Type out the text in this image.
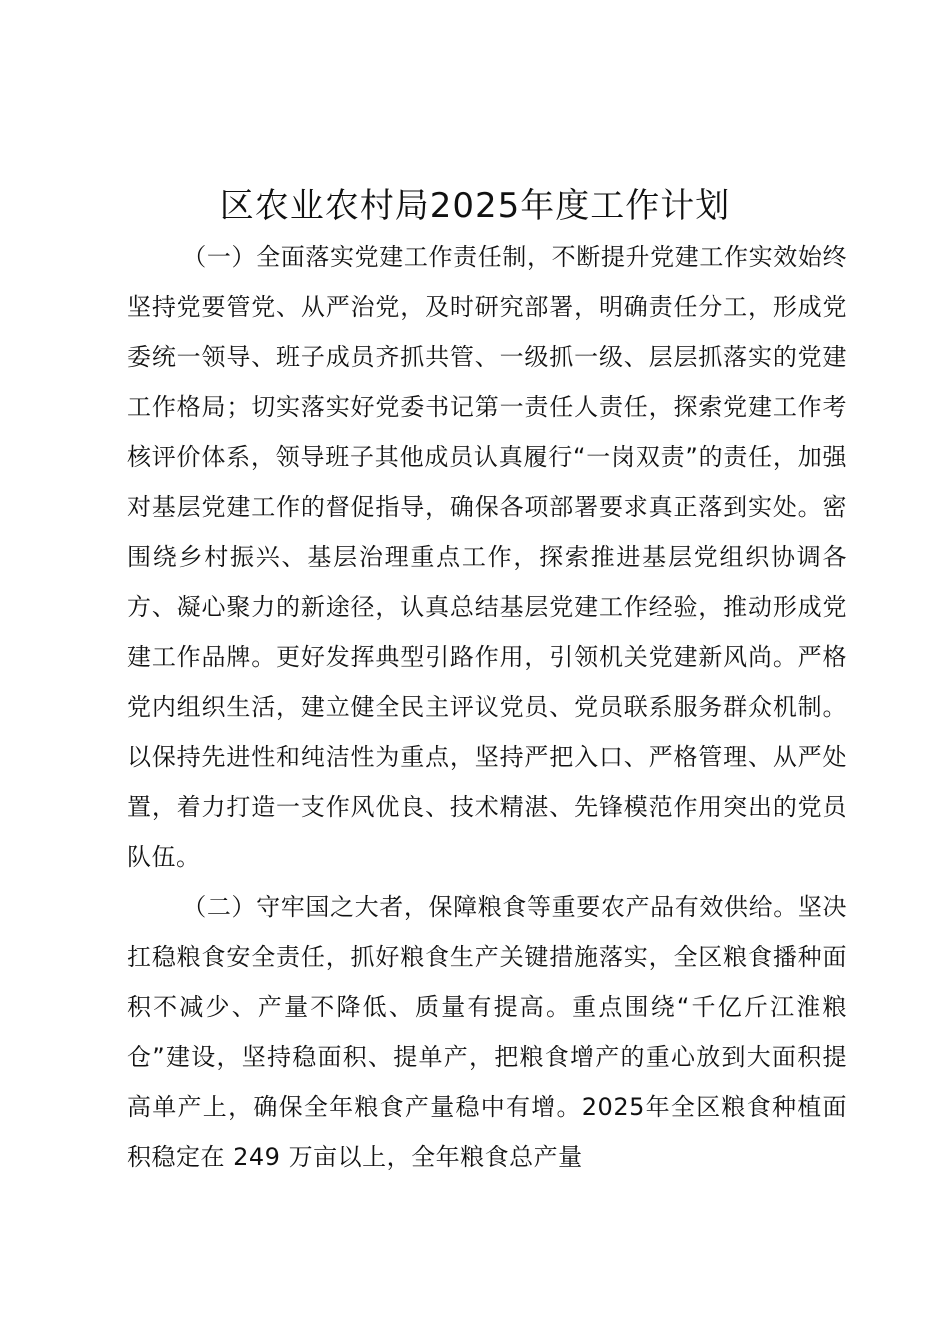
区农业农村局2025年度工作计划

（一）全面落实党建工作责任制，不断提升党建工作实效始终坚持党要管党、从严治党，及时研究部署，明确责任分工，形成党委统一领导、班子成员齐抓共管、一级抓一级、层层抓落实的党建工作格局；切实落实好党委书记第一责任人责任，探索党建工作考核评价体系，领导班子其他成员认真履行“一岗双责”的责任，加强对基层党建工作的督促指导，确保各项部署要求真正落到实处。密围绕乡村振兴、基层治理重点工作，探索推进基层党组织协调各方、凝心聚力的新途径，认真总结基层党建工作经验，推动形成党建工作品牌。更好发挥典型引路作用，引领机关党建新风尚。严格党内组织生活，建立健全民主评议党员、党员联系服务群众机制。以保持先进性和纯洁性为重点，坚持严把入口、严格管理、从严处置，着力打造一支作风优良、技术精湛、先锋模范作用突出的党员队伍。

（二）守牢国之大者，保障粮食等重要农产品有效供给。坚决扛稳粮食安全责任，抓好粮食生产关键措施落实，全区粮食播种面积不减少、产量不降低、质量有提高。重点围绕“千亿斤江淮粮仓”建设，坚持稳面积、提单产，把粮食增产的重心放到大面积提高单产上，确保全年粮食产量稳中有增。2025年全区粮食种植面积稳定在 249 万亩以上，全年粮食总产量
